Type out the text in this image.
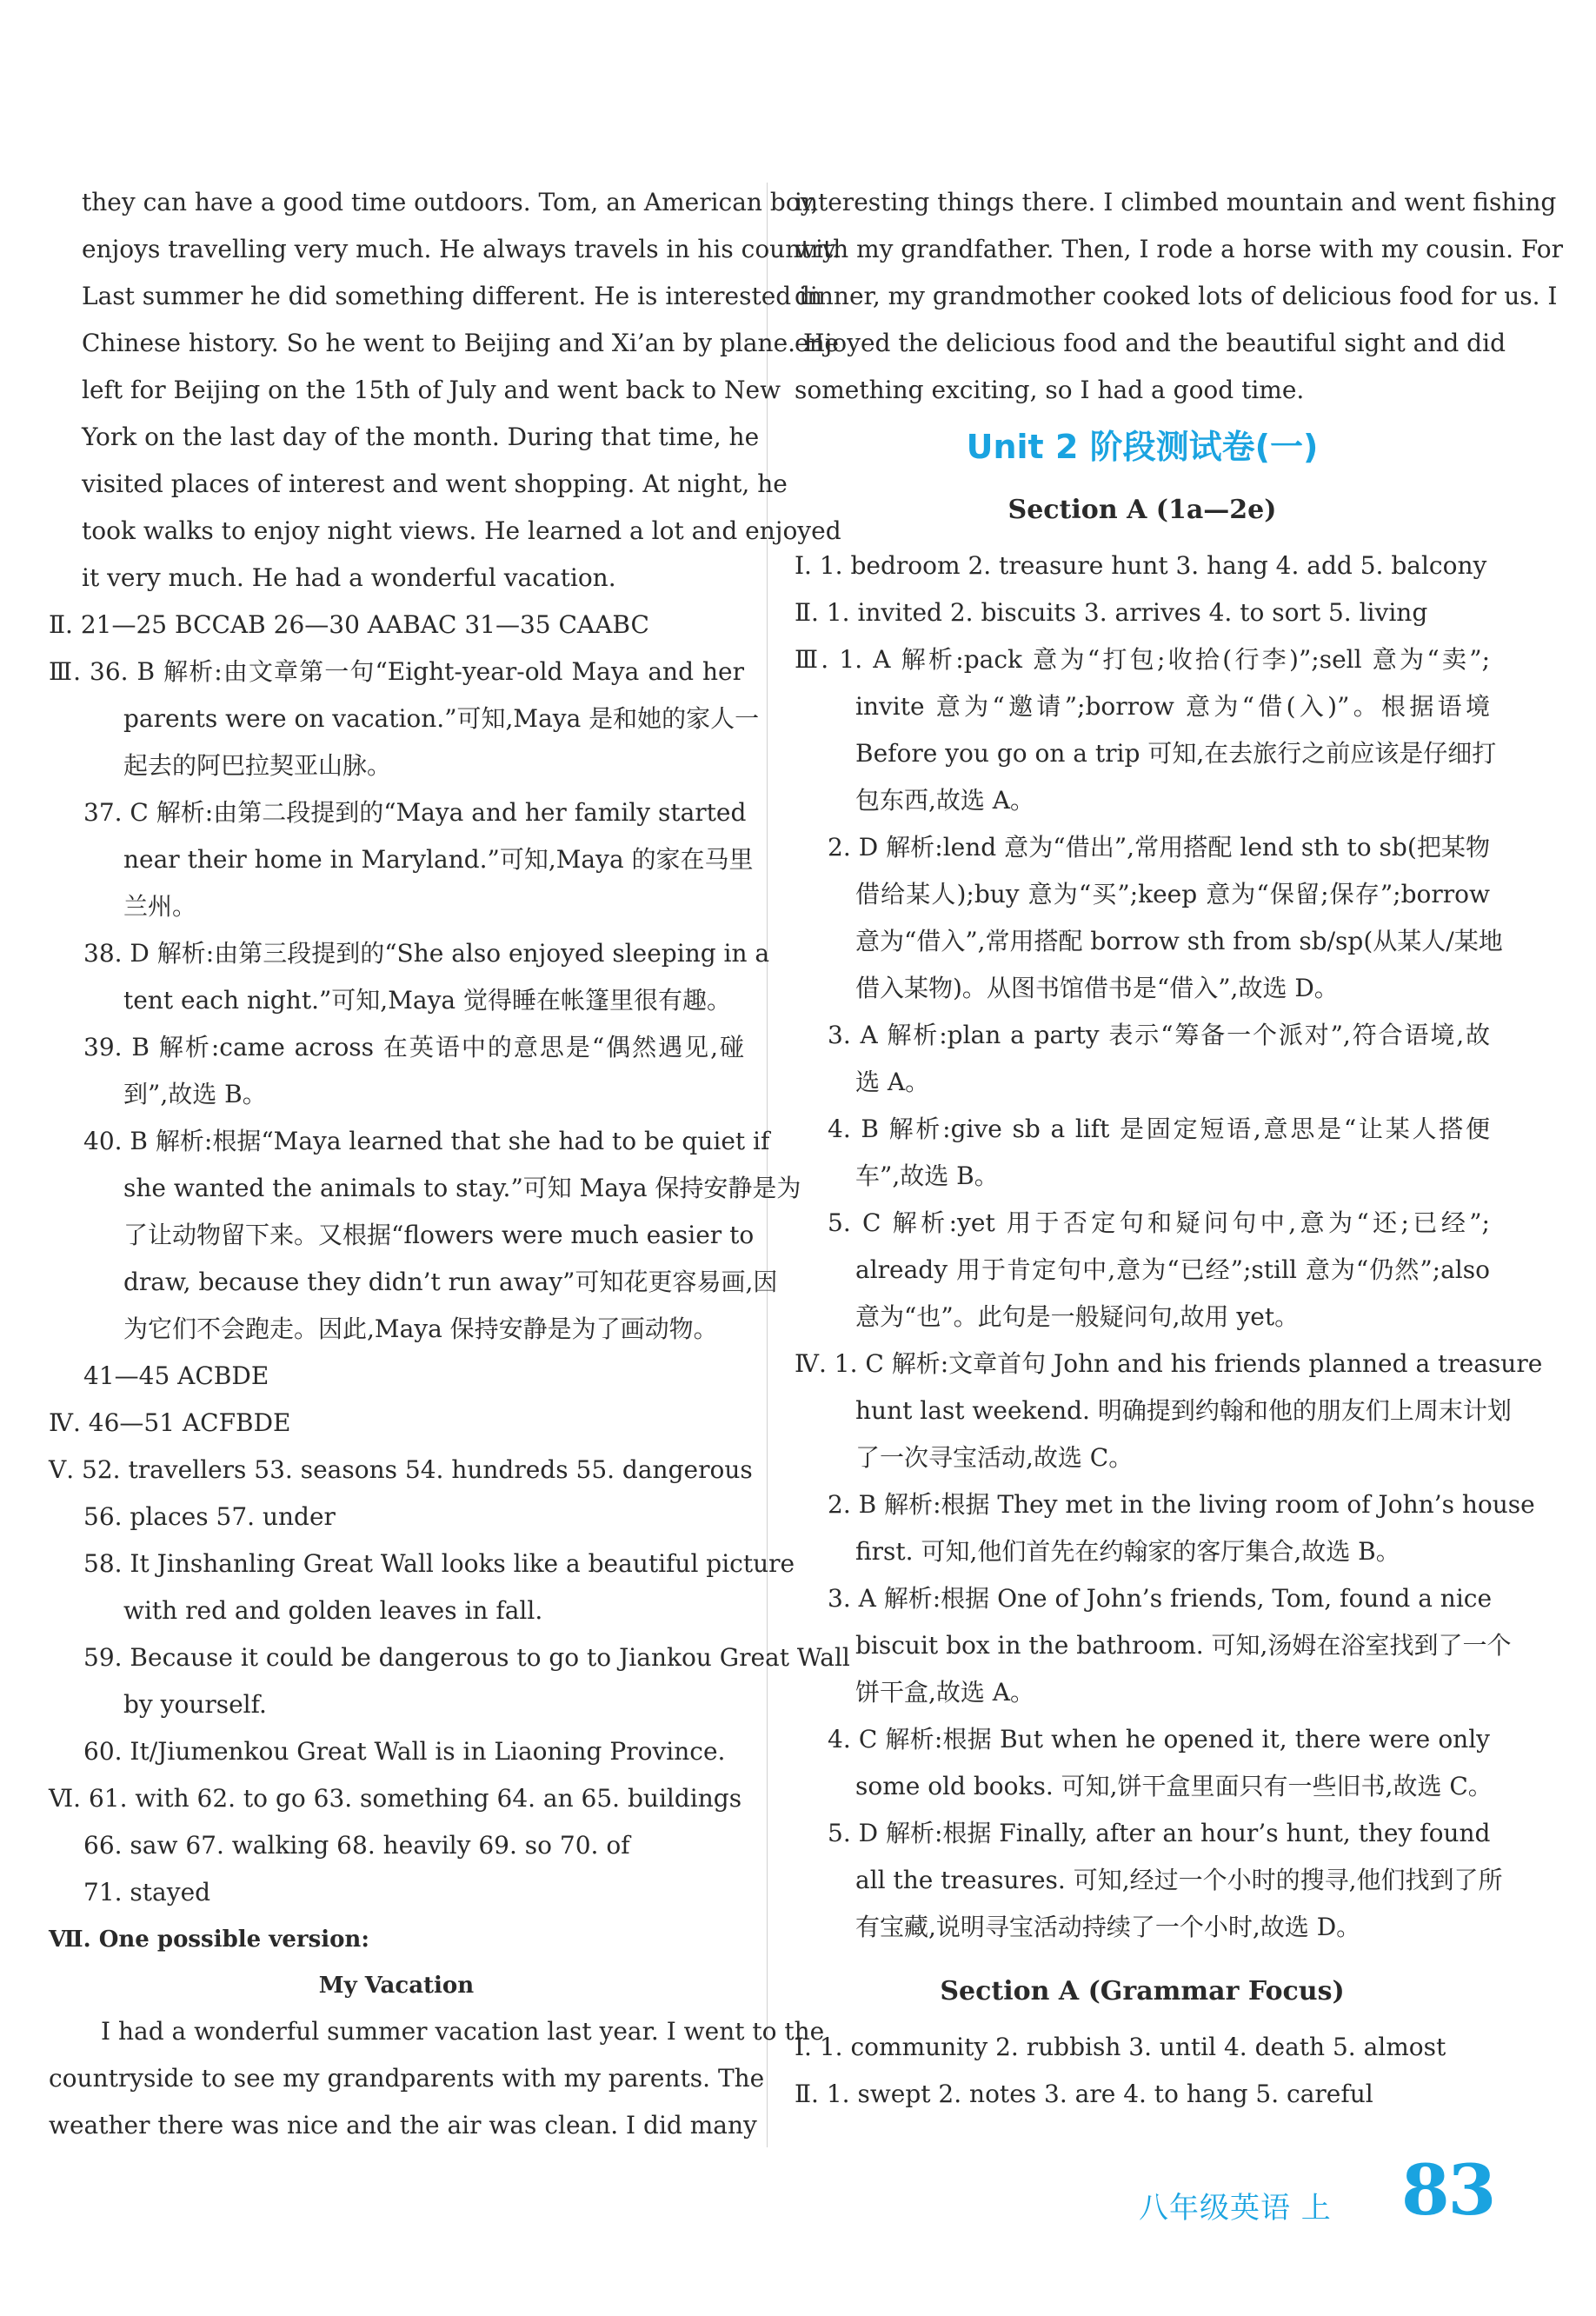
they can have a good time outdoors. Tom, an American boy,
enjoys travelling very much. He always travels in his country.
Last summer he did something different. He is interested in
Chinese history. So he went to Beijing and Xi’an by plane. He
left for Beijing on the 15th of July and went back to New
York on the last day of the month. During that time, he
visited places of interest and went shopping. At night, he
took walks to enjoy night views. He learned a lot and enjoyed
it very much. He had a wonderful vacation.
Ⅱ. 21—25 BCCAB 26—30 AABAC 31—35 CAABC
Ⅲ. 36. B 解析:由文章第一句“Eight-year-old Maya and her
parents were on vacation.”可知,Maya 是和她的家人一
起去的阿巴拉契亚山脉。
37. C 解析:由第二段提到的“Maya and her family started
near their home in Maryland.”可知,Maya 的家在马里
兰州。
38. D 解析:由第三段提到的“She also enjoyed sleeping in a
tent each night.”可知,Maya 觉得睡在帐篷里很有趣。
39. B 解析:came across 在英语中的意思是“偶然遇见,碰
到”,故选 B。
40. B 解析:根据“Maya learned that she had to be quiet if
she wanted the animals to stay.”可知 Maya 保持安静是为
了让动物留下来。又根据“flowers were much easier to
draw, because they didn’t run away”可知花更容易画,因
为它们不会跑走。因此,Maya 保持安静是为了画动物。
41—45 ACBDE
Ⅳ. 46—51 ACFBDE
Ⅴ. 52. travellers 53. seasons 54. hundreds 55. dangerous
56. places 57. under
58. It Jinshanling Great Wall looks like a beautiful picture
with red and golden leaves in fall.
59. Because it could be dangerous to go to Jiankou Great Wall
by yourself.
60. It/Jiumenkou Great Wall is in Liaoning Province.
Ⅵ. 61. with 62. to go 63. something 64. an 65. buildings
66. saw 67. walking 68. heavily 69. so 70. of
71. stayed
Ⅶ. One possible version:
My Vacation
I had a wonderful summer vacation last year. I went to the
countryside to see my grandparents with my parents. The
weather there was nice and the air was clean. I did many
interesting things there. I climbed mountain and went fishing
with my grandfather. Then, I rode a horse with my cousin. For
dinner, my grandmother cooked lots of delicious food for us. I
enjoyed the delicious food and the beautiful sight and did
something exciting, so I had a good time.
Unit 2 阶段测试卷(一)
Section A (1a—2e)
Ⅰ. 1. bedroom 2. treasure hunt 3. hang 4. add 5. balcony
Ⅱ. 1. invited 2. biscuits 3. arrives 4. to sort 5. living
Ⅲ. 1. A 解析:pack 意为“打包;收拾(行李)”;sell 意为“卖”;
invite 意为“邀请”;borrow 意为“借(入)”。根据语境
Before you go on a trip 可知,在去旅行之前应该是仔细打
包东西,故选 A。
2. D 解析:lend 意为“借出”,常用搭配 lend sth to sb(把某物
借给某人);buy 意为“买”;keep 意为“保留;保存”;borrow
意为“借入”,常用搭配 borrow sth from sb/sp(从某人/某地
借入某物)。从图书馆借书是“借入”,故选 D。
3. A 解析:plan a party 表示“筹备一个派对”,符合语境,故
选 A。
4. B 解析:give sb a lift 是固定短语,意思是“让某人搭便
车”,故选 B。
5. C 解析:yet 用于否定句和疑问句中,意为“还;已经”;
already 用于肯定句中,意为“已经”;still 意为“仍然”;also
意为“也”。此句是一般疑问句,故用 yet。
Ⅳ. 1. C 解析:文章首句 John and his friends planned a treasure
hunt last weekend. 明确提到约翰和他的朋友们上周末计划
了一次寻宝活动,故选 C。
2. B 解析:根据 They met in the living room of John’s house
first. 可知,他们首先在约翰家的客厅集合,故选 B。
3. A 解析:根据 One of John’s friends, Tom, found a nice
biscuit box in the bathroom. 可知,汤姆在浴室找到了一个
饼干盒,故选 A。
4. C 解析:根据 But when he opened it, there were only
some old books. 可知,饼干盒里面只有一些旧书,故选 C。
5. D 解析:根据 Finally, after an hour’s hunt, they found
all the treasures. 可知,经过一个小时的搜寻,他们找到了所
有宝藏,说明寻宝活动持续了一个小时,故选 D。
Section A (Grammar Focus)
Ⅰ. 1. community 2. rubbish 3. until 4. death 5. almost
Ⅱ. 1. swept 2. notes 3. are 4. to hang 5. careful
八年级英语 上 83
